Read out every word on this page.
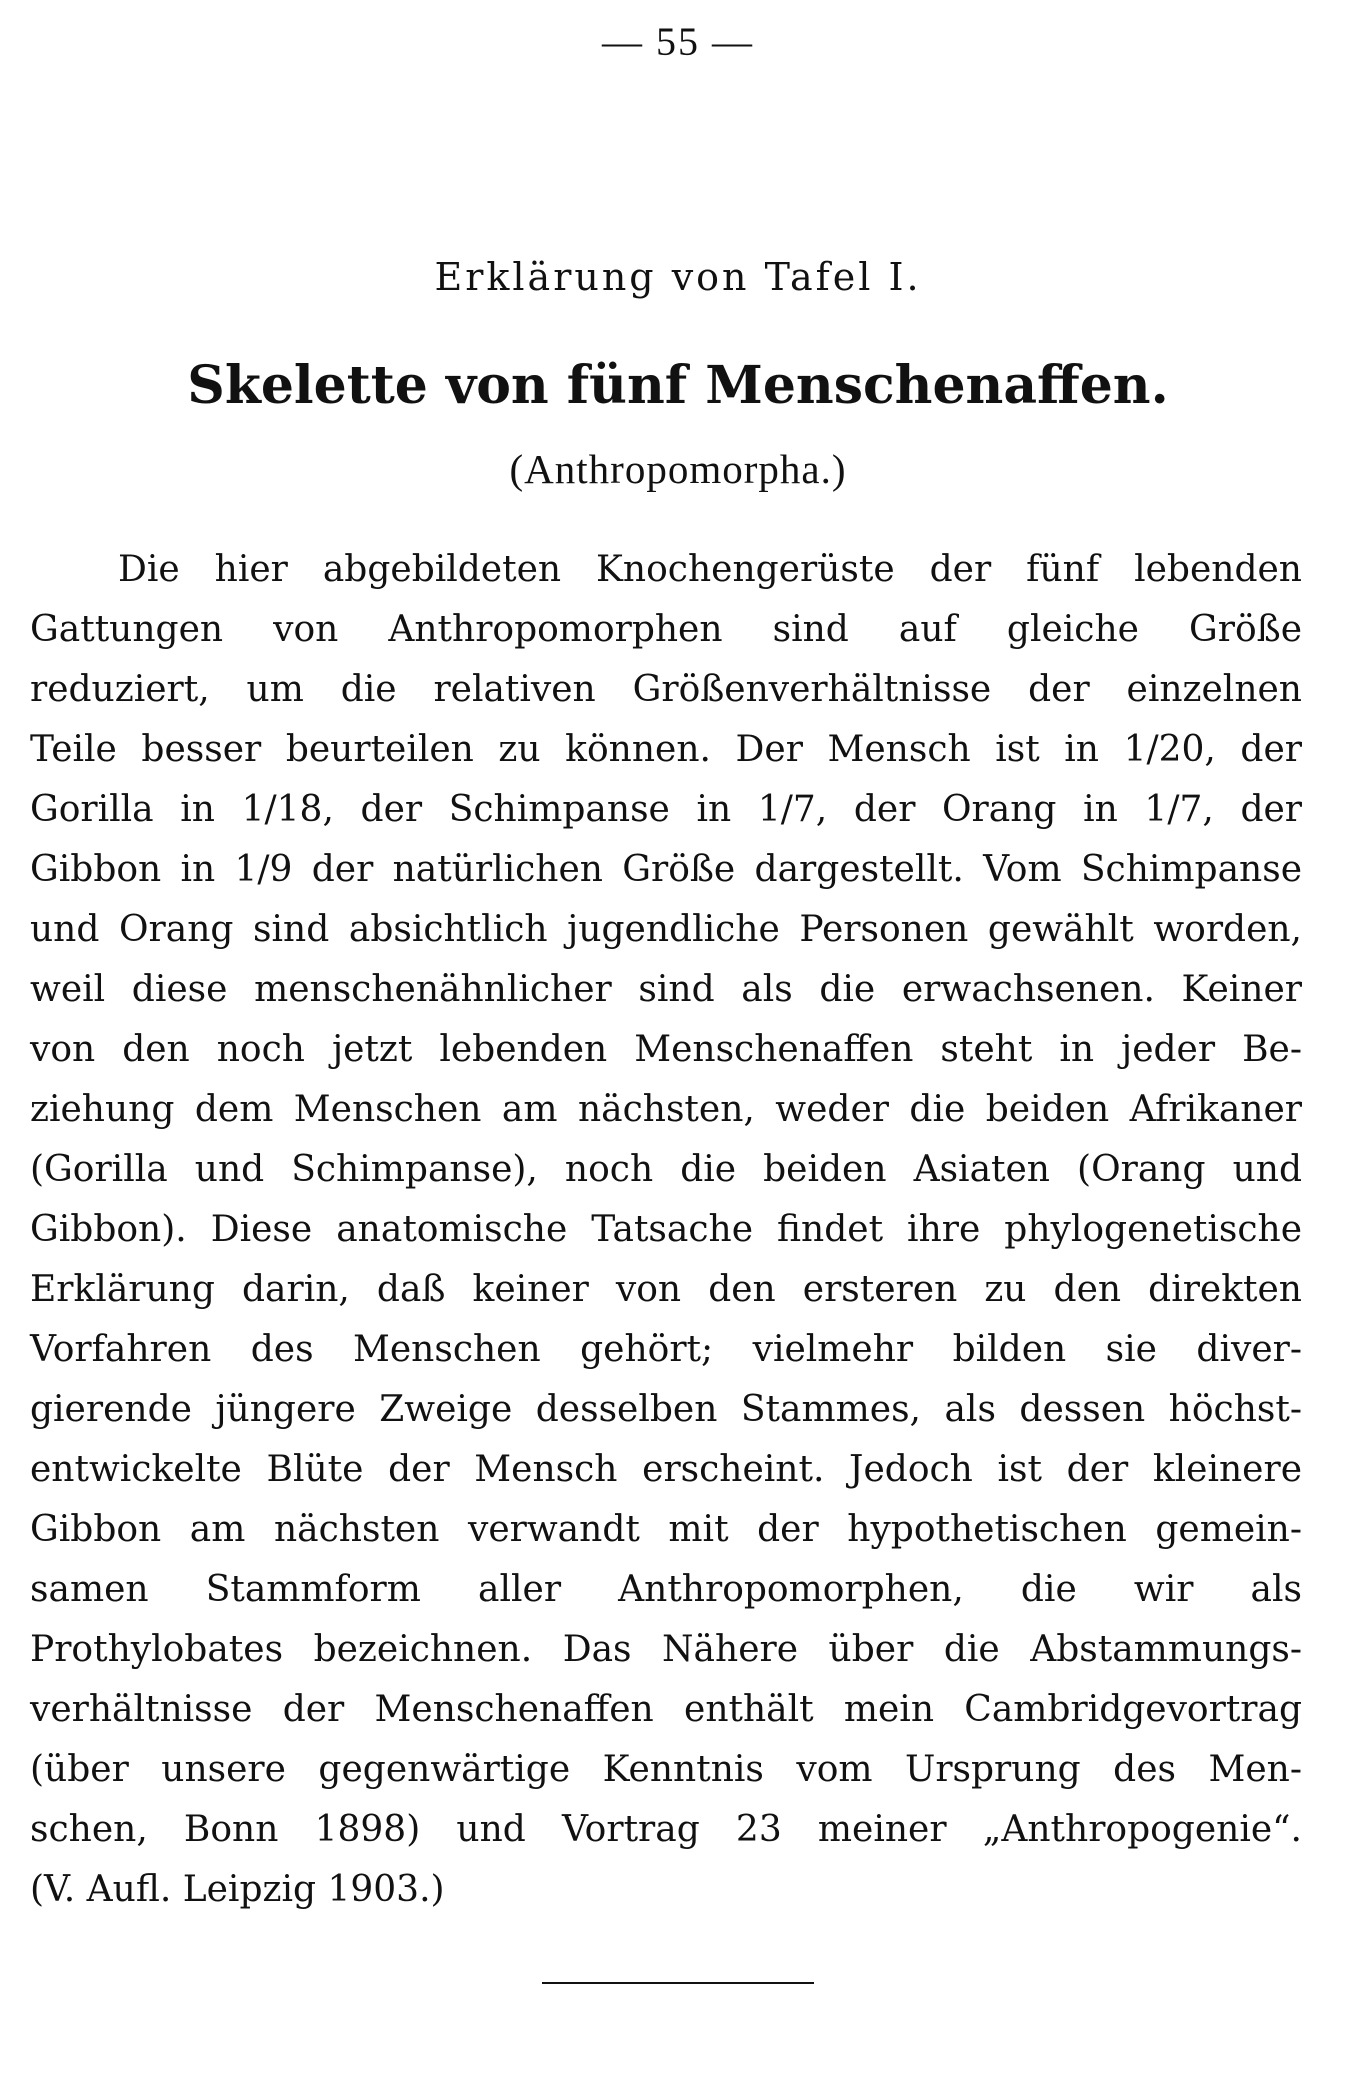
— 55 —
Erklärung von Tafel I.
Skelette von fünf Menschenaffen.
(Anthropomorpha.)
Die hier abgebildeten Knochengerüste der fünf lebenden
Gattungen von Anthropomorphen sind auf gleiche Größe
reduziert, um die relativen Größenverhältnisse der einzelnen
Teile besser beurteilen zu können. Der Mensch ist in 1/20, der
Gorilla in 1/18, der Schimpanse in 1/7, der Orang in 1/7, der
Gibbon in 1/9 der natürlichen Größe dargestellt. Vom Schimpanse
und Orang sind absichtlich jugendliche Personen gewählt worden,
weil diese menschenähnlicher sind als die erwachsenen. Keiner
von den noch jetzt lebenden Menschenaffen steht in jeder Be-
ziehung dem Menschen am nächsten, weder die beiden Afrikaner
(Gorilla und Schimpanse), noch die beiden Asiaten (Orang und
Gibbon). Diese anatomische Tatsache findet ihre phylogenetische
Erklärung darin, daß keiner von den ersteren zu den direkten
Vorfahren des Menschen gehört; vielmehr bilden sie diver-
gierende jüngere Zweige desselben Stammes, als dessen höchst-
entwickelte Blüte der Mensch erscheint. Jedoch ist der kleinere
Gibbon am nächsten verwandt mit der hypothetischen gemein-
samen Stammform aller Anthropomorphen, die wir als
Prothylobates bezeichnen. Das Nähere über die Abstammungs-
verhältnisse der Menschenaffen enthält mein Cambridgevortrag
(über unsere gegenwärtige Kenntnis vom Ursprung des Men-
schen, Bonn 1898) und Vortrag 23 meiner „Anthropogenie“.
(V. Aufl. Leipzig 1903.)
